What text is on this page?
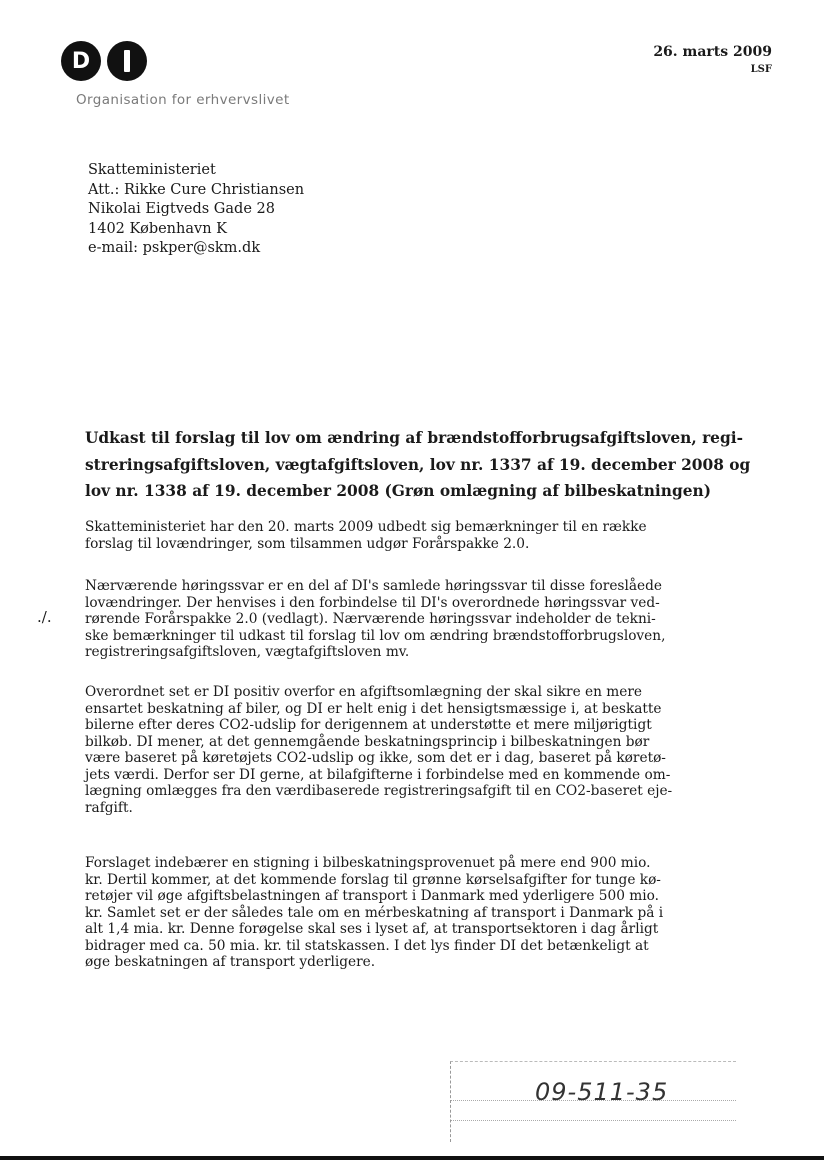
D
Organisation for erhvervslivet
26. marts 2009
LSF
Skatteministeriet
Att.: Rikke Cure Christiansen
Nikolai Eigtveds Gade 28
1402 København K
e-mail: pskper@skm.dk
Udkast til forslag til lov om ændring af brændstofforbrugsafgiftsloven, regi-
streringsafgiftsloven, vægtafgiftsloven, lov nr. 1337 af 19. december 2008 og
lov nr. 1338 af 19. december 2008 (Grøn omlægning af bilbeskatningen)
./.
Skatteministeriet har den 20. marts 2009 udbedt sig bemærkninger til en række
forslag til lovændringer, som tilsammen udgør Forårspakke 2.0.
Nærværende høringssvar er en del af DI's samlede høringssvar til disse foreslåede
lovændringer. Der henvises i den forbindelse til DI's overordnede høringssvar ved-
rørende Forårspakke 2.0 (vedlagt). Nærværende høringssvar indeholder de tekni-
ske bemærkninger til udkast til forslag til lov om ændring brændstofforbrugsloven,
registreringsafgiftsloven, vægtafgiftsloven mv.
Overordnet set er DI positiv overfor en afgiftsomlægning der skal sikre en mere
ensartet beskatning af biler, og DI er helt enig i det hensigtsmæssige i, at beskatte
bilerne efter deres CO2-udslip for derigennem at understøtte et mere miljørigtigt
bilkøb. DI mener, at det gennemgående beskatningsprincip i bilbeskatningen bør
være baseret på køretøjets CO2-udslip og ikke, som det er i dag, baseret på køretø-
jets værdi. Derfor ser DI gerne, at bilafgifterne i forbindelse med en kommende om-
lægning omlægges fra den værdibaserede registreringsafgift til en CO2-baseret eje-
rafgift.
Forslaget indebærer en stigning i bilbeskatningsprovenuet på mere end 900 mio.
kr. Dertil kommer, at det kommende forslag til grønne kørselsafgifter for tunge kø-
retøjer vil øge afgiftsbelastningen af transport i Danmark med yderligere 500 mio.
kr. Samlet set er der således tale om en mérbeskatning af transport i Danmark på i
alt 1,4 mia. kr. Denne forøgelse skal ses i lyset af, at transportsektoren i dag årligt
bidrager med ca. 50 mia. kr. til statskassen. I det lys finder DI det betænkeligt at
øge beskatningen af transport yderligere.
09-511-35
